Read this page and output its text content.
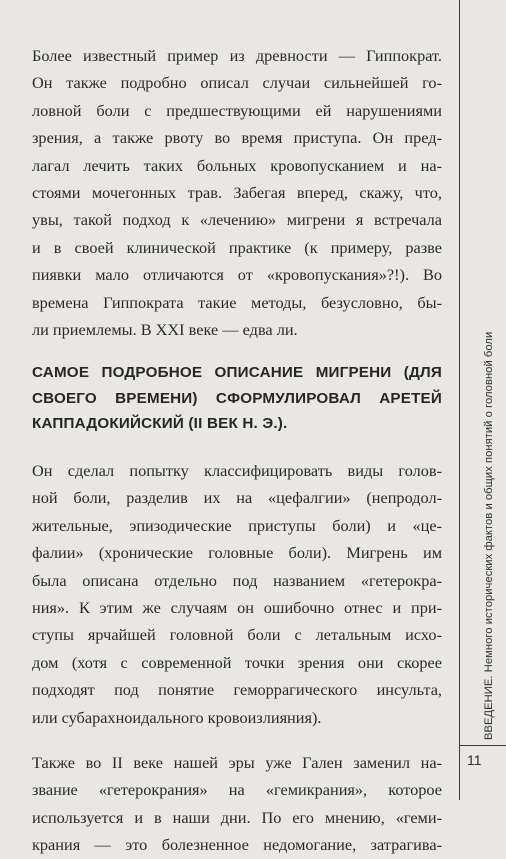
Более известный пример из древности — Гиппократ.
Он также подробно описал случаи сильнейшей го-
ловной боли с предшествующими ей нарушениями
зрения, а также рвоту во время приступа. Он пред-
лагал лечить таких больных кровопусканием и на-
стоями мочегонных трав. Забегая вперед, скажу, что,
увы, такой подход к «лечению» мигрени я встречала
и в своей клинической практике (к примеру, разве
пиявки мало отличаются от «кровопускания»?!). Во
времена Гиппократа такие методы, безусловно, бы-
ли приемлемы. В XXI веке — едва ли.

САМОЕ ПОДРОБНОЕ ОПИСАНИЕ МИГРЕНИ (ДЛЯ
СВОЕГО ВРЕМЕНИ) СФОРМУЛИРОВАЛ АРЕТЕЙ
КАППАДОКИЙСКИЙ (II ВЕК Н. Э.).

Он сделал попытку классифицировать виды голов-
ной боли, разделив их на «цефалгии» (непродол-
жительные, эпизодические приступы боли) и «це-
фалии» (хронические головные боли). Мигрень им
была описана отдельно под названием «гетерокра-
ния». К этим же случаям он ошибочно отнес и при-
ступы ярчайшей головной боли с летальным исхо-
дом (хотя с современной точки зрения они скорее
подходят под понятие геморрагического инсульта,
или субарахноидального кровоизлияния).

Также во II веке нашей эры уже Гален заменил на-
звание «гетерокрания» на «гемикрания», которое
используется и в наши дни. По его мнению, «геми-
крания — это болезненное недомогание, затрагива-

ВВЕДЕНИЕ. Немного исторических фактов и общих понятий о головной боли
11
